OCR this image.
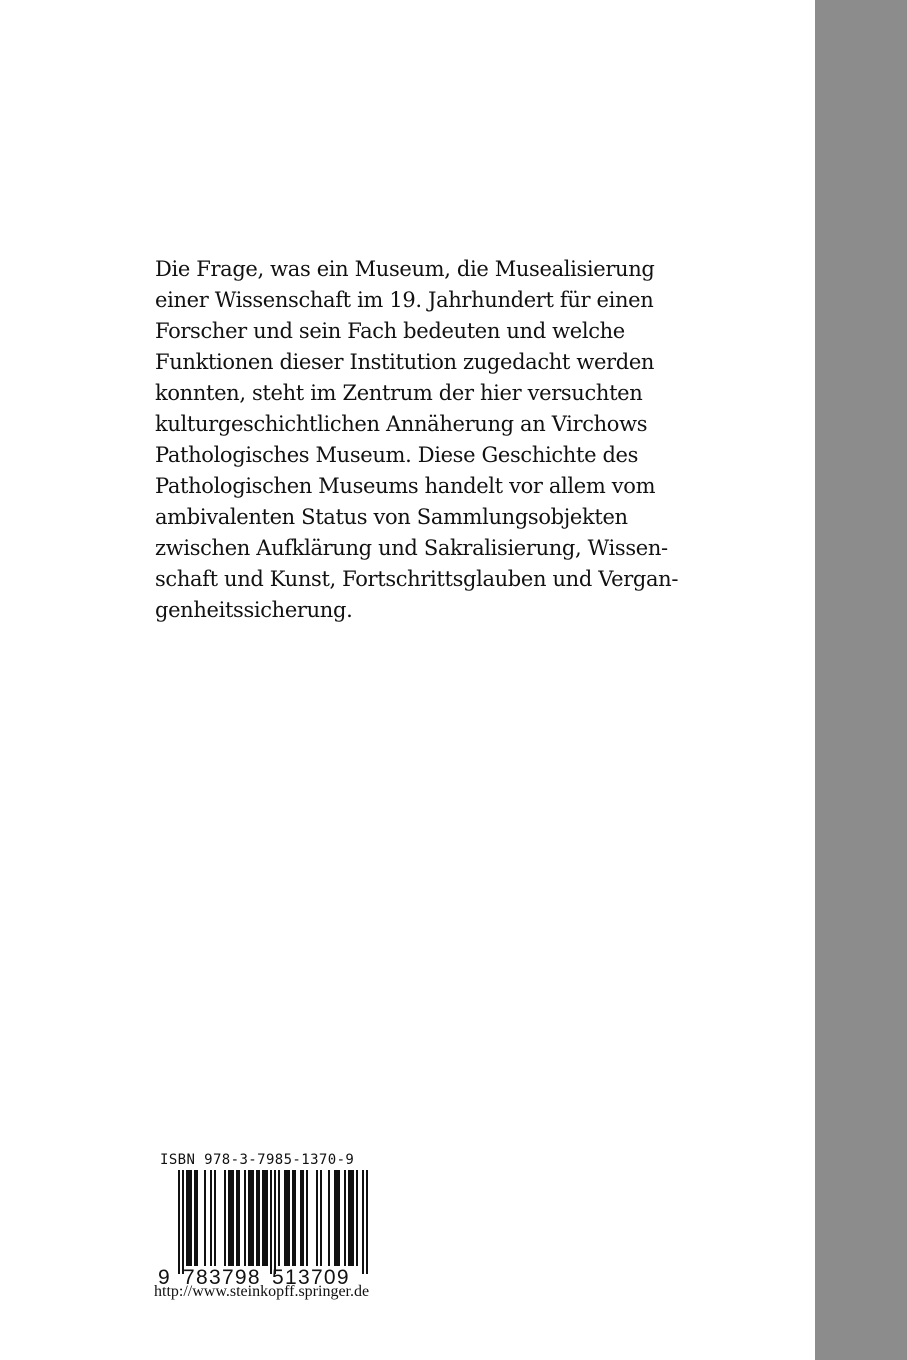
Die Frage, was ein Museum, die Musealisierung
einer Wissenschaft im 19. Jahrhundert für einen
Forscher und sein Fach bedeuten und welche
Funktionen dieser Institution zugedacht werden
konnten, steht im Zentrum der hier versuchten
kulturgeschichtlichen Annäherung an Virchows
Pathologisches Museum. Diese Geschichte des
Pathologischen Museums handelt vor allem vom
ambivalenten Status von Sammlungsobjekten
zwischen Aufklärung und Sakralisierung, Wissen-
schaft und Kunst, Fortschrittsglauben und Vergan-
genheitssicherung.
ISBN 978-3-7985-1370-9
9 783798 513709
http://www.steinkopff.springer.de
